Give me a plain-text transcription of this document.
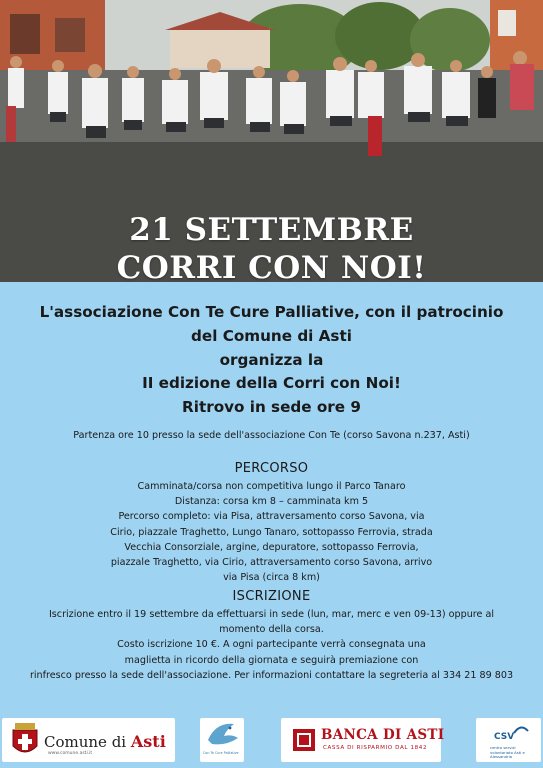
21 SETTEMBRE
CORRI CON NOI!
L'associazione Con Te Cure Palliative, con il patrocinio
del Comune di Asti
organizza la
II edizione della Corri con Noi!
Ritrovo in sede ore 9
Partenza ore 10 presso la sede dell'associazione Con Te (corso Savona n.237, Asti)
PERCORSO
Camminata/corsa non competitiva lungo il Parco Tanaro
Distanza: corsa km 8 – camminata km 5
Percorso completo: via Pisa, attraversamento corso Savona, via
Cirio, piazzale Traghetto, Lungo Tanaro, sottopasso Ferrovia, strada
Vecchia Consorziale, argine, depuratore, sottopasso Ferrovia,
piazzale Traghetto, via Cirio, attraversamento corso Savona, arrivo
via Pisa (circa 8 km)
ISCRIZIONE
Iscrizione entro il 19 settembre da effettuarsi in sede (lun, mar, merc e ven 09-13) oppure al
momento della corsa.
Costo iscrizione 10 €. A ogni partecipante verrà consegnata una
maglietta in ricordo della giornata e seguirà premiazione con
rinfresco presso la sede dell'associazione. Per informazioni contattare la segreteria al 334 21 89 803
Comune di Asti
www.comune.asti.it	Con Te Cure Palliative
BANCA DI ASTI
CASSA DI RISPARMIO DAL 1842
CSV
centro servizi volontariato Asti e Alessandria
